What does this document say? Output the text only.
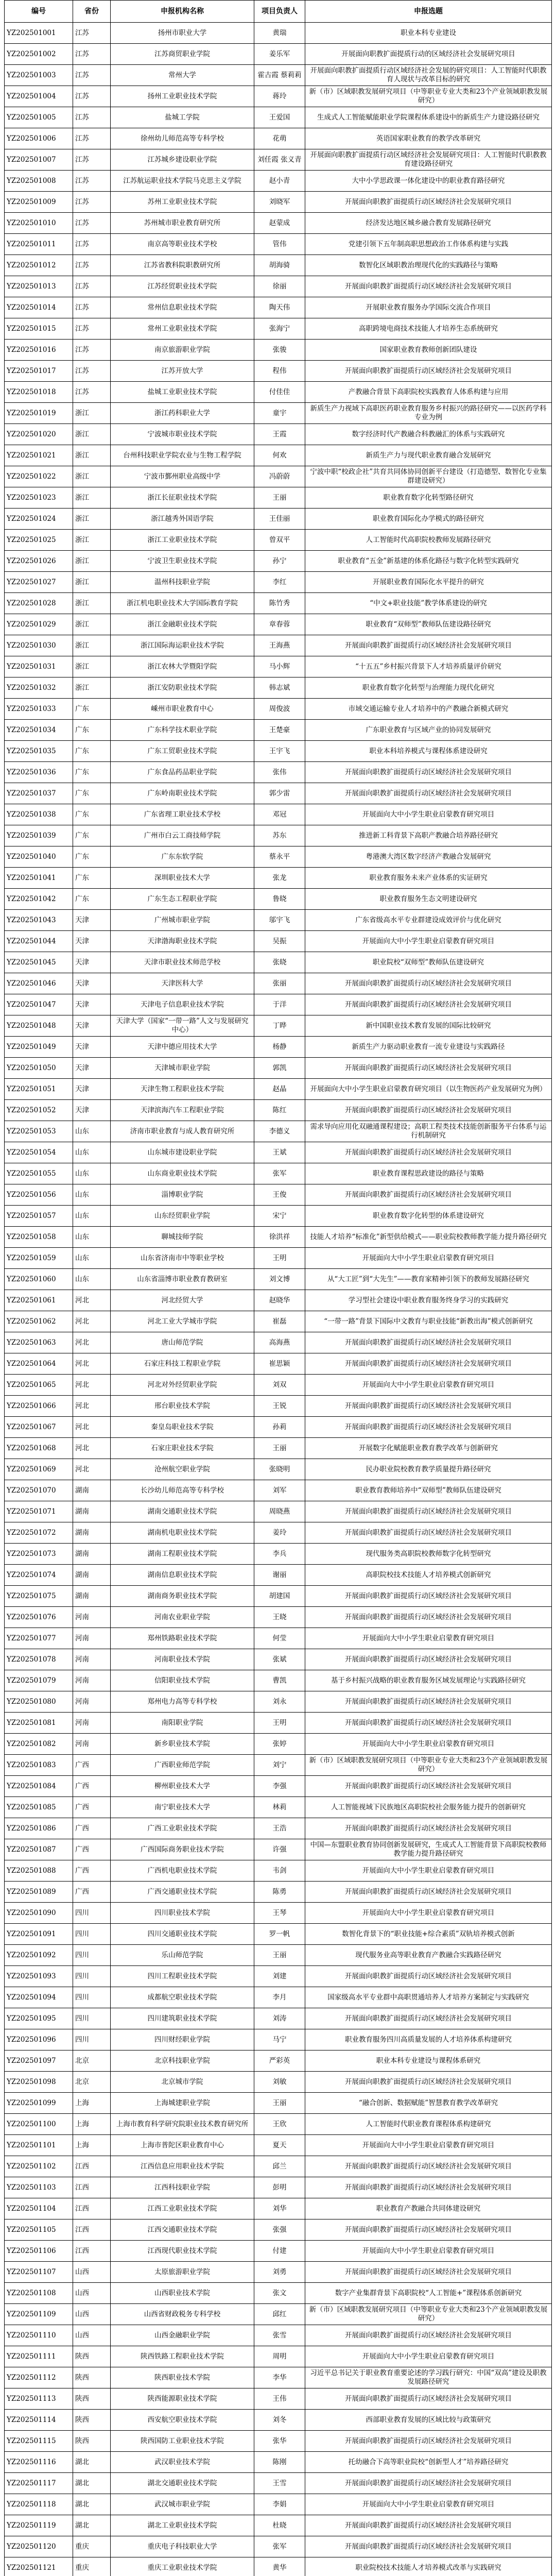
编号	省份	申报机构名称	项目负责人	申报选题
YZ202501001	江苏	扬州市职业大学	黄瑞	职业本科专业建设
YZ202501002	江苏	江苏商贸职业学院	姜乐军	开展面向职教扩面提质行动的区域经济社会发展研究项目
YZ202501003	江苏	常州大学	霍古霞 蔡莉莉	开展面向职教扩面提质行动区域经济社会发展的研究项目：人工智能时代职教育人现状与改革目标的研究
YZ202501004	江苏	扬州工业职业技术学院	蒋玲	新（市）区域职教发展研究项目（中等职业专业大类和23个产业领域职教发展研究）
YZ202501005	江苏	盐城工学院	王爱国	生成式人工智能赋能职业学院课程体系建设中的新质生产力建设路径研究
YZ202501006	江苏	徐州幼儿师范高等专科学校	花萌	英语国家职业教育的教学改革研究
YZ202501007	江苏	江苏城乡建设职业学院	刘任霞 张义青	开展面向职教扩面提质行动区域经济社会发展研究项目：人工智能时代职教教育建设路径研究
YZ202501008	江苏	江苏航运职业技术学院马克思主义学院	赵小青	大中小学思政课一体化建设中的职业教育路径研究
YZ202501009	江苏	苏州工业职业技术学院	刘晓军	开展面向职教扩面提质行动区域经济社会发展研究项目
YZ202501010	江苏	苏州城市职业教育研究所	赵蒙成	经济发达地区城乡融合教育发展路径研究
YZ202501011	江苏	南京高等职业技术学校	管伟	党建引领下五年制高职思想政治工作体系构建与实践
YZ202501012	江苏	江苏省教科院职教研究所	胡海骑	数智化区域职教治理现代化的实践路径与策略
YZ202501013	江苏	江苏经贸职业技术学院	徐丽	开展面向职教扩面提质行动区域经济社会发展研究项目
YZ202501014	江苏	常州信息职业技术学院	陶天伟	开展职业教育服务办学国际交流合作项目
YZ202501015	江苏	常州工业职业技术学院	张海宁	高职跨境电商技术技能人才培养生态系统研究
YZ202501016	江苏	南京旅游职业学院	张骏	国家职业教育教师创新团队建设
YZ202501017	江苏	江苏开放大学	程伟	开展面向职教扩面提质行动区域经济社会发展研究项目
YZ202501018	江苏	盐城工业职业技术学院	付佳佳	产教融合背景下高职院校实践教育人体系构建与应用
YZ202501019	浙江	浙江药科职业大学	童宇	新质生产力视域下高职医药职业教育服务乡村振兴的路径研究——以医药学科专业为例
YZ202501020	浙江	宁波城市职业技术学院	王霞	数字经济时代产教融合科教融汇的体系与实践研究
YZ202501021	浙江	台州科技职业学院农业与生物工程学院	何欢	新质生产力与现代职业教育融合发展研究
YZ202501022	浙江	宁波市鄞州职业高级中学	冯蔚蔚	宁波中职“校政企社”共育共同体协同创新平台建设（打造德型、数智化专业集群建设研究）
YZ202501023	浙江	浙江长征职业技术学院	王丽	职业教育数字化转型路径研究
YZ202501024	浙江	浙江越秀外国语学院	王佳丽	职业教育国际化办学模式的路径研究
YZ202501025	浙江	浙江工业职业技术学院	曾双平	人工智能时代高职院校教师发展路径研究
YZ202501026	浙江	宁波卫生职业技术学院	孙宁	职业教育“五金”新基建的体系化路径与数字化转型实践研究
YZ202501027	浙江	温州科技职业学院	李红	开展职业教育国际化水平提升的研究
YZ202501028	浙江	浙江机电职业技术大学国际教育学院	陈竹秀	“中文+职业技能”教学体系建设的研究
YZ202501029	浙江	浙江金融职业技术学院	章春蓉	职业教育“双师型”教师队伍建设路径研究
YZ202501030	浙江	浙江国际海运职业技术学院	王海燕	开展面向职教扩面提质行动区域经济社会发展研究项目
YZ202501031	浙江	浙江农林大学暨阳学院	马小辉	“十五五”乡村振兴背景下人才培养质量评价研究
YZ202501032	浙江	浙江安防职业技术学院	韩志斌	职业教育数字化转型与治理能力现代化研究
YZ202501033	广东	嵊州市职业教育中心	周俊波	市域交通运输专业人才培养中的产教融合新模式研究
YZ202501034	广东	广东科学技术职业学院	王楚豪	广东职业教育与区域产业的协同发展研究
YZ202501035	广东	广东工贸职业技术学院	王宇飞	职业本科培养模式与课程体系建设研究
YZ202501036	广东	广东食品药品职业学院	张伟	开展面向职教扩面提质行动区域经济社会发展研究项目
YZ202501037	广东	广东岭南职业技术学院	郭少雷	开展面向职教扩面提质行动区域经济社会发展研究项目
YZ202501038	广东	广东省理工职业技术学校	邓冠	开展面向大中小学生职业启蒙教育研究项目
YZ202501039	广东	广州市白云工商技师学院	苏东	推进新工科背景下高职产教融合培养路径研究
YZ202501040	广东	广东东软学院	蔡永平	粤港澳大湾区数字经济产教融合发展研究
YZ202501041	广东	深圳职业技术大学	张龙	职业教育服务未来产业体系的实证研究
YZ202501042	广东	广东生态工程职业学院	鲁晓	职业教育服务生态文明建设研究
YZ202501043	天津	广州城市职业学院	邬宇飞	广东省级高水平专业群建设成效评价与优化研究
YZ202501044	天津	天津渤海职业技术学院	吴振	开展面向大中小学生职业启蒙教育研究项目
YZ202501045	天津	天津市职业技术师范学校	张晓	职业院校“双师型”教师队伍建设研究
YZ202501046	天津	天津医科大学	张丽	开展面向职教扩面提质行动区域经济社会发展研究项目
YZ202501047	天津	天津电子信息职业技术学院	于洋	开展面向职教扩面提质行动区域经济社会发展研究项目
YZ202501048	天津	天津大学（国家“一带一路”人文与发展研究中心）	丁晔	新中国职业技术教育发展的国际比较研究
YZ202501049	天津	天津中德应用技术大学	杨静	新质生产力驱动职业教育一流专业建设与实践路径
YZ202501050	天津	天津城市职业学院	郭凯	开展面向职教扩面提质行动区域经济社会发展研究项目
YZ202501051	天津	天津生物工程职业技术学院	赵晶	开展面向大中小学生职业启蒙教育研究项目（以生物医药产业发展研究为例）
YZ202501052	天津	天津滨海汽车工程职业学院	陈红	开展面向职教扩面提质行动区域经济社会发展研究项目
YZ202501053	山东	济南市职业教育与成人教育研究所	李德义	需求导向应用化双融通课程建设；高职工程类技术技能创新服务平台体系与运行机制研究
YZ202501054	山东	山东城市建设职业学院	王斌	开展面向职教扩面提质行动区域经济社会发展研究项目
YZ202501055	山东	山东商业职业技术学院	张军	职业教育课程思政建设的路径与策略
YZ202501056	山东	淄博职业学院	王俊	开展面向职教扩面提质行动区域经济社会发展研究项目
YZ202501057	山东	山东经贸职业学院	宋宁	职业教育数字化转型的体系建设研究
YZ202501058	山东	聊城技师学院	徐洪祥	技能人才培养“标准化”新型供给模式——职业院校教师教学能力提升路径研究
YZ202501059	山东	山东省济南市中等职业学校	王明	开展面向大中小学生职业启蒙教育研究项目
YZ202501060	山东	山东省淄博市职业教育教研室	刘文博	从“大工匠”到“大先生”——教育家精神引领下的教师发展路径研究
YZ202501061	河北	河北经贸大学	赵晓华	学习型社会建设中职业教育服务终身学习的实践研究
YZ202501062	河北	河北工业大学城市学院	崔磊	“一带一路”背景下国际中文教育与职业技能“新教出海”模式创新研究
YZ202501063	河北	唐山师范学院	高海燕	开展面向职教扩面提质行动区域经济社会发展研究项目
YZ202501064	河北	石家庄科技工程职业学院	崔思颖	开展面向职教扩面提质行动区域经济社会发展研究项目
YZ202501065	河北	河北对外经贸职业学院	刘双	开展面向大中小学生职业启蒙教育研究项目
YZ202501066	河北	邢台职业技术学院	王锐	开展面向职教扩面提质行动区域经济社会发展研究项目
YZ202501067	河北	秦皇岛职业技术学院	孙莉	开展面向职教扩面提质行动区域经济社会发展研究项目
YZ202501068	河北	石家庄职业技术学院	王丽	开展数字化赋能职业教育教学改革与创新研究
YZ202501069	河北	沧州航空职业学院	张晓明	民办职业院校教育教学质量提升路径研究
YZ202501070	湖南	长沙幼儿师范高等专科学校	刘军	职业教育教师培养中“双师型”教师队伍建设研究
YZ202501071	湖南	湖南交通职业技术学院	周晓燕	开展面向职教扩面提质行动区域经济社会发展研究项目
YZ202501072	湖南	湖南机电职业技术学院	姜玲	开展面向职教扩面提质行动区域经济社会发展研究项目
YZ202501073	湖南	湖南工程职业技术学院	李兵	现代服务类高职院校教师数字化转型研究
YZ202501074	湖南	湖南信息职业技术学院	谢丽	高职院校技术技能人才培养模式创新研究
YZ202501075	湖南	湖南商务职业技术学院	胡建国	开展面向职教扩面提质行动区域经济社会发展研究项目
YZ202501076	河南	河南农业职业学院	王晓	开展面向职教扩面提质行动区域经济社会发展研究项目
YZ202501077	河南	郑州铁路职业技术学院	何莹	开展面向大中小学生职业启蒙教育研究项目
YZ202501078	河南	河南职业技术学院	张斌	开展面向职教扩面提质行动区域经济社会发展研究项目
YZ202501079	河南	信阳职业技术学院	曹凯	基于乡村振兴战略的职业教育服务区域发展理论与实践路径研究
YZ202501080	河南	郑州电力高等专科学校	刘永	开展面向职教扩面提质行动区域经济社会发展研究项目
YZ202501081	河南	南阳职业学院	王明	开展面向职教扩面提质行动区域经济社会发展研究项目
YZ202501082	河南	新乡职业技术学院	张婷	开展面向大中小学生职业启蒙教育研究项目
YZ202501083	广西	广西职业师范学院	刘宁	新（市）区域职教发展研究项目（中等职业专业大类和23个产业领域职教发展研究）
YZ202501084	广西	柳州职业技术大学	李强	开展面向职教扩面提质行动区域经济社会发展研究项目
YZ202501085	广西	南宁职业技术大学	林莉	人工智能视域下民族地区高职院校社会服务能力提升的创新研究
YZ202501086	广西	广西工业职业技术学院	王浩	开展面向职教扩面提质行动区域经济社会发展研究项目
YZ202501087	广西	广西国际商务职业技术学院	许强	中国—东盟职业教育协同创新发展研究，生成式人工智能背景下高职院校教师教学能力提升路径研究
YZ202501088	广西	广西机电职业技术学院	韦剑	开展面向大中小学生职业启蒙教育研究项目
YZ202501089	广西	广西交通职业技术学院	陈勇	开展面向职教扩面提质行动区域经济社会发展研究项目
YZ202501090	四川	四川职业技术学院	王琴	开展面向大中小学生职业启蒙教育研究项目
YZ202501091	四川	四川交通职业技术学院	罗一帆	数智化背景下的“职业技能+综合素质”双轨培养模式创新
YZ202501092	四川	乐山师范学院	王丽	现代服务业高等职业教育产教融合实践路径研究
YZ202501093	四川	四川工程职业技术学院	刘建	开展面向职教扩面提质行动区域经济社会发展研究项目
YZ202501094	四川	成都航空职业技术学院	李月	国家级高水平专业群中高职贯通培养人才培养方案制定与实践研究
YZ202501095	四川	四川建筑职业技术学院	刘涛	开展面向职教扩面提质行动区域经济社会发展研究项目
YZ202501096	四川	四川财经职业学院	马宁	职业教育服务四川高质量发展的人才培养体系构建研究
YZ202501097	北京	北京科技职业学院	严彩英	职业本科专业建设与课程体系研究
YZ202501098	北京	北京城市学院	刘敏	开展面向职教扩面提质行动区域经济社会发展研究项目
YZ202501099	上海	上海城建职业学院	王丽	“融合创新、数据赋能”智慧教育教学改革研究
YZ202501100	上海	上海市教育科学研究院职业技术教育研究所	王欣	人工智能时代职业教育课程体系构建研究
YZ202501101	上海	上海市普陀区职业教育中心	夏天	开展面向大中小学生职业启蒙教育研究项目
YZ202501102	江西	江西信息应用职业技术学院	邱兰	开展面向职教扩面提质行动区域经济社会发展研究项目
YZ202501103	江西	江西科技职业学院	彭明	开展面向职教扩面提质行动区域经济社会发展研究项目
YZ202501104	江西	江西工业职业技术学院	刘华	职业教育产教融合共同体建设研究
YZ202501105	江西	江西交通职业技术学院	张强	开展面向职教扩面提质行动区域经济社会发展研究项目
YZ202501106	江西	江西现代职业技术学院	付建	开展面向大中小学生职业启蒙教育研究项目
YZ202501107	山西	太原旅游职业学院	刘勇	开展面向职教扩面提质行动区域经济社会发展研究项目
YZ202501108	山西	山西职业技术学院	张文	数字产业集群背景下高职院校“人工智能+”课程体系创新研究
YZ202501109	山西	山西省财政税务专科学校	邱红	新（市）区域职教发展研究项目（中等职业专业大类和23个产业领域职教发展研究）
YZ202501110	山西	山西金融职业学院	张雪	开展面向职教扩面提质行动区域经济社会发展研究项目
YZ202501111	陕西	陕西铁路工程职业技术学院	周明	开展面向大中小学生职业启蒙教育研究项目
YZ202501112	陕西	陕西职业技术学院	李华	习近平总书记关于职业教育重要论述的学习践行研究：中国“双高”建设及职教发展路径研究
YZ202501113	陕西	陕西能源职业技术学院	王伟	开展面向职教扩面提质行动区域经济社会发展研究项目
YZ202501114	陕西	西安航空职业技术学院	刘冬	西部职业教育发展的区域比较与政策研究
YZ202501115	陕西	陕西国防工业职业技术学院	张华	开展面向职教扩面提质行动区域经济社会发展研究项目
YZ202501116	湖北	武汉职业技术学院	陈刚	托幼融合下高等职业院校“创新型人才”培养路径研究
YZ202501117	湖北	湖北交通职业技术学院	王雪	开展面向职教扩面提质行动区域经济社会发展研究项目
YZ202501118	湖北	武汉城市职业学院	李娟	开展面向大中小学生职业启蒙教育研究项目
YZ202501119	湖北	湖北工业职业技术学院	杜晓	开展面向职教扩面提质行动区域经济社会发展研究项目
YZ202501120	重庆	重庆电子科技职业大学	张军	开展面向职教扩面提质行动区域经济社会发展研究项目
YZ202501121	重庆	重庆工业职业技术学院	黄华	职业院校技术技能人才培养模式改革与实践研究
